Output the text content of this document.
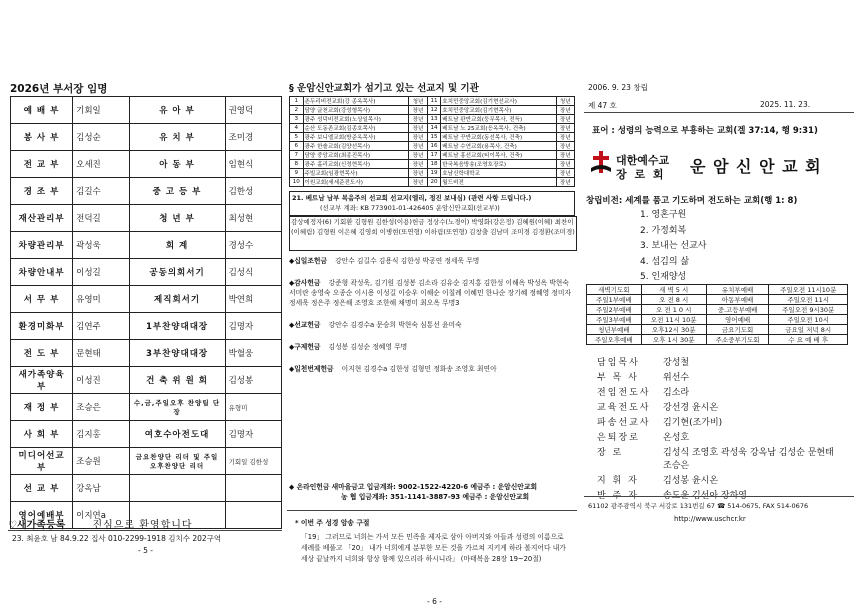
2026년 부서장 임명
예 배 부	기회일	유 아 부	권영덕
봉 사 부	김성순	유 치 부	조미경
전 교 부	오세진	아 동 부	임현식
경 조 부	김길수	중 고 등 부	김한성
재산관리부	전덕길	청 년 부	최성현
차량관리부	곽성욱	회 계	경성수
차량안내부	이성길	공동의회서기	김성식
서 무 부	유영미	제직회서기	박연희
환경미화부	김연주	1부찬양대대장	김명자
전 도 부	문현태	3부찬양대대장	박혈웅
새가족양육부	이성진	건 축 위 원 회	김성봉
재 정 부	조승은	수,금,주일오후 찬양팀 단장	유형미
사 회 부	김지홍	여호수아전도대	김명자
미디어선교부	조승원	금요찬양단 리더 및 주일오후찬양단 리더	기회일 김한성
선 교 부	강옥남		
영어예배부	이지연a		
♡새가족등록	진심으로 환영합니다
23. 최윤호 남 84.9.22 집사 010-2299-1918 김치수 202구역
- 5 -
§ 운암신안교회가 섬기고 있는 선교지 및 기관
1	존두리비전교회(강 종옥목사)	청년	11	호치민중앙교회(김기현선교사)	청년
2	담양 글천교회(강성형목사)	장년	12	호치민중앙교회(김기현목사)	장년
3	광주 성덕비전교회(노상일목사)	장년	13	베트남 판반교회(둥무목사, 전득)	장년
4	순산 도동존교회(김종호목사)	장년	14	베트남 노 25교회(응옥목사, 건축)	장년
5	광주 보니엘교회(방준옥목사)	장년	15	베트남 꾸반교회(동선목사, 건축)	장년
6	광주 한솔교회(김양선목사)	장년	16	베트남 수연교회(용목사, 건축)	장년
7	담양 중앙교회(최종진목사)	장년	17	베트남 홍선교회(티이목사, 건축)	장년
8	광주 홀리교회(신정현목사)	장년	18	한국복음방송(조영호장로)	장년
9	주빌교회(임광현목사)	장년	19	호남신학대학교	장년
10	이원교회(세세준전도사)	장년	20	월드비전	장년
21. 베트남 남부 복음주의 선교회 선교지(엘리, 정진 보내심) (관련 사항 드립니다.)
(선교부 계좌: KB 773901-01-426405 운암신안교회(선교부))
감상예정자(6) 기회환 김형원 김한성(이용)헌금 정상수(노경이) 박영화(강은정) 김혜원(이혜) 최찬이(이혜림) 김형원 이은혜 김영희 이병현(또연형) 이하림(또연형) 김창출 김남미 조미경 김경환(조미경)
◆십일조헌금 강안수 김길수 김용식 김한성 박공연 정세욱 무명
◆감사헌금 강준형 곽성욱, 김기원 김성봉 김소라 김유순 김지홍 김한성 이해옥 박성옥 박현숙 서미란 송영숙 오종순 이시용 이성길 이승우 이해순 이칠례 이혜민 한나순 장기혜 정혜영 정미자 정세욱 정은주 정은해 조영호 조한해 채명미 최오옥 무명3
◆선교헌금 강안수 김경수a 문승희 박현숙 심통선 윤미숙
◆구제헌금 김성봉 김성순 정혜영 무명
◆일천번제헌금 이지현 김경수a 김한성 김형민 정화송 조영호 최연아
◆ 온라인헌금 새마을금고 입금계좌: 9002-1522-4220-6 예금주 : 운암신안교회
농 협 입금계좌: 351-1141-3887-93 예금주 : 운암신안교회
* 이번 주 성경 암송 구절
「19」 그러므로 너희는 가서 모든 민족을 제자로 삼아 아버지와 아들과 성령의 이름으로 세례를 베풀고 「20」 내가 너희에게 분부한 모든 것을 가르쳐 지키게 하라 볼지어다 내가 세상 끝날까지 너희와 항상 함께 있으리라 하시니라」 (마태복음 28장 19~20절)
- 6 -
2006. 9. 23 창립
제 47 호	2025. 11. 23.
표어 : 성령의 능력으로 부흥하는 교회(겔 37:14, 행 9:31)
대한예수교
장 로 회 운 암 신 안 교 회
창립비전: 세계를 품고 기도하며 전도하는 교회(행 1: 8)
1. 영혼구원
2. 가정회복
3. 보내는 선교사
4. 섬김의 삶
5. 인재양성
새벽기도회	새 벽 5 시	유치부예배	주일오전 11시10분
주일1부예배	오 전 8 시	아동부예배	주일오전 11시
주일2부예배	오 전 1 0 시	중.고등부예배	주일오전 9시30분
주일3부예배	오전 11시 10분	영어예배	주일오전 10시
청년부예배	오후12시 30분	금요기도회	금요일 저녁 8시
주일오후예배	오후 1시 30분	주소중부기도회	수 요 예 배 후
담임목사	강성철
부 목 사	위선수
전임전도사	김소라
교육전도사	강선경 윤시온
파송선교사	김기현(조가비)
은퇴장로	온성호
장 로	김성식 조영호 곽성욱 강옥남 김성순 문현태 조승은
지 휘 자	김성봉 윤시온
반 주 자	송도윤 김선아 장하영
61102 광주광역시 북구 서강로 131번길 67 ☎ 514-0675, FAX 514-0676
http://www.uschcr.kr
